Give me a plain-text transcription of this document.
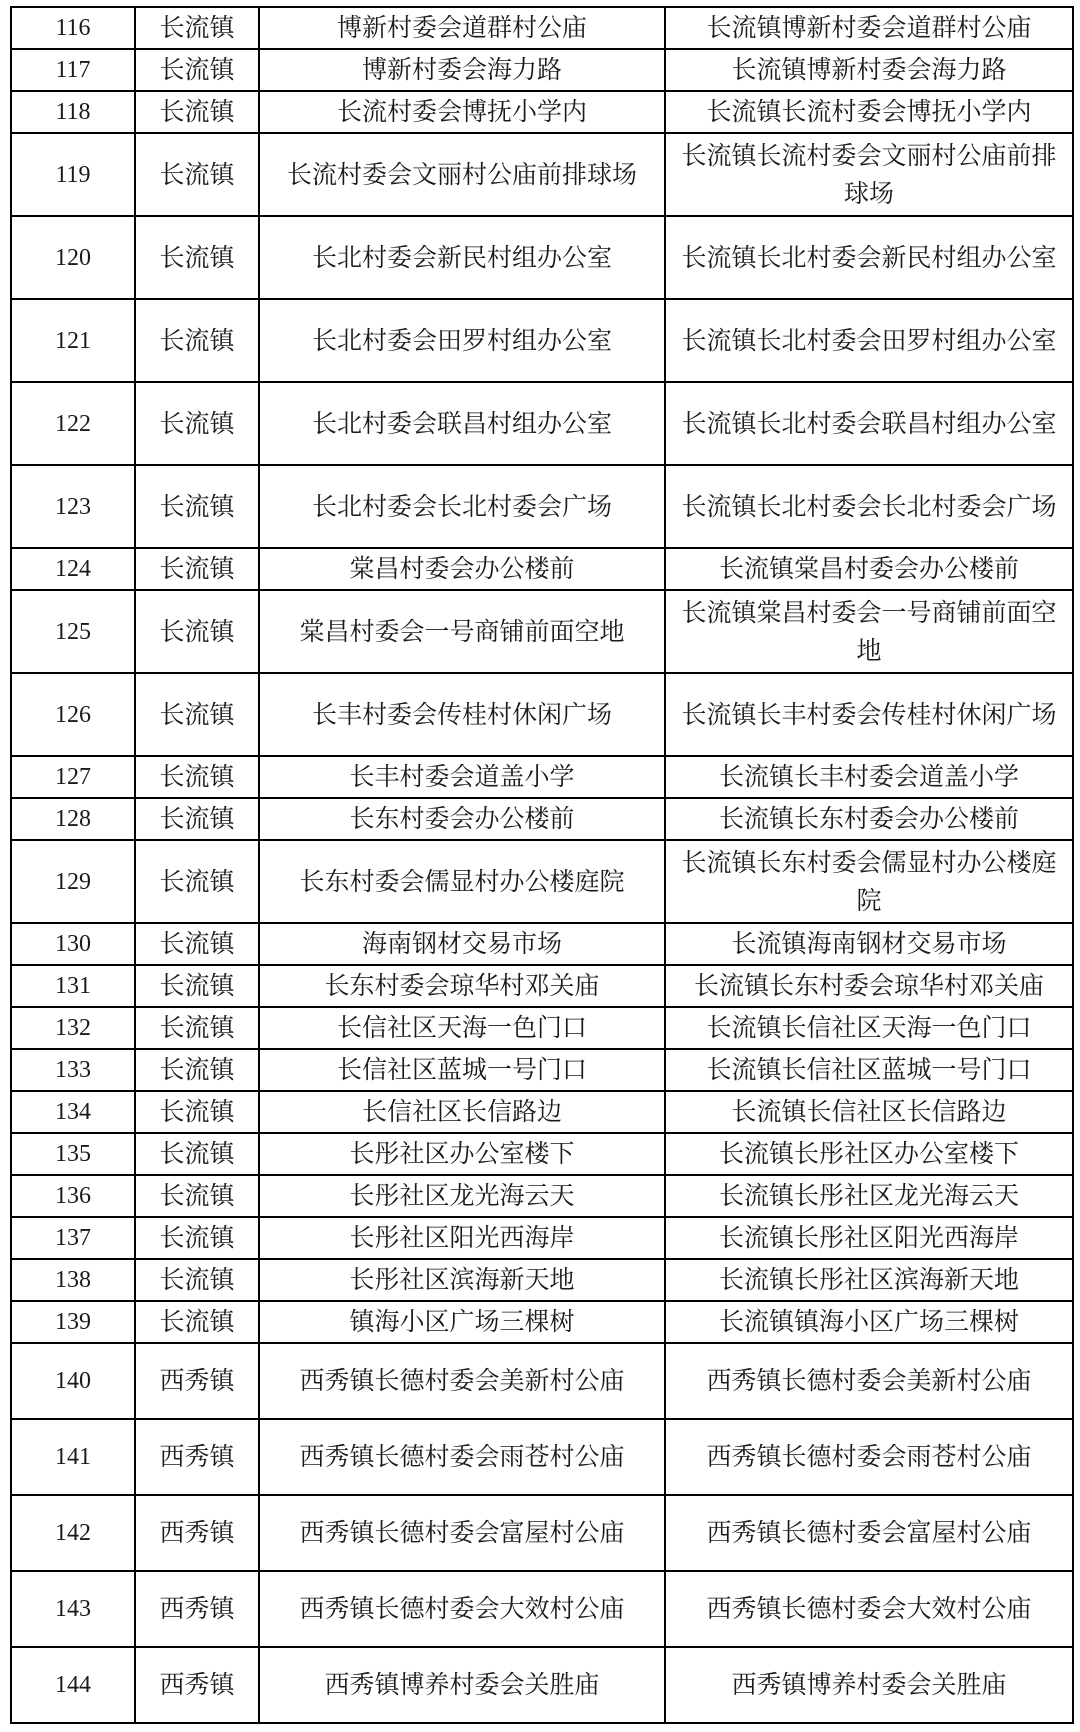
116	长流镇	博新村委会道群村公庙	长流镇博新村委会道群村公庙
117	长流镇	博新村委会海力路	长流镇博新村委会海力路
118	长流镇	长流村委会博抚小学内	长流镇长流村委会博抚小学内
119	长流镇	长流村委会文丽村公庙前排球场	长流镇长流村委会文丽村公庙前排球场
120	长流镇	长北村委会新民村组办公室	长流镇长北村委会新民村组办公室
121	长流镇	长北村委会田罗村组办公室	长流镇长北村委会田罗村组办公室
122	长流镇	长北村委会联昌村组办公室	长流镇长北村委会联昌村组办公室
123	长流镇	长北村委会长北村委会广场	长流镇长北村委会长北村委会广场
124	长流镇	棠昌村委会办公楼前	长流镇棠昌村委会办公楼前
125	长流镇	棠昌村委会一号商铺前面空地	长流镇棠昌村委会一号商铺前面空地
126	长流镇	长丰村委会传桂村休闲广场	长流镇长丰村委会传桂村休闲广场
127	长流镇	长丰村委会道盖小学	长流镇长丰村委会道盖小学
128	长流镇	长东村委会办公楼前	长流镇长东村委会办公楼前
129	长流镇	长东村委会儒显村办公楼庭院	长流镇长东村委会儒显村办公楼庭院
130	长流镇	海南钢材交易市场	长流镇海南钢材交易市场
131	长流镇	长东村委会琼华村邓关庙	长流镇长东村委会琼华村邓关庙
132	长流镇	长信社区天海一色门口	长流镇长信社区天海一色门口
133	长流镇	长信社区蓝城一号门口	长流镇长信社区蓝城一号门口
134	长流镇	长信社区长信路边	长流镇长信社区长信路边
135	长流镇	长彤社区办公室楼下	长流镇长彤社区办公室楼下
136	长流镇	长彤社区龙光海云天	长流镇长彤社区龙光海云天
137	长流镇	长彤社区阳光西海岸	长流镇长彤社区阳光西海岸
138	长流镇	长彤社区滨海新天地	长流镇长彤社区滨海新天地
139	长流镇	镇海小区广场三棵树	长流镇镇海小区广场三棵树
140	西秀镇	西秀镇长德村委会美新村公庙	西秀镇长德村委会美新村公庙
141	西秀镇	西秀镇长德村委会雨苍村公庙	西秀镇长德村委会雨苍村公庙
142	西秀镇	西秀镇长德村委会富屋村公庙	西秀镇长德村委会富屋村公庙
143	西秀镇	西秀镇长德村委会大效村公庙	西秀镇长德村委会大效村公庙
144	西秀镇	西秀镇博养村委会关胜庙	西秀镇博养村委会关胜庙
